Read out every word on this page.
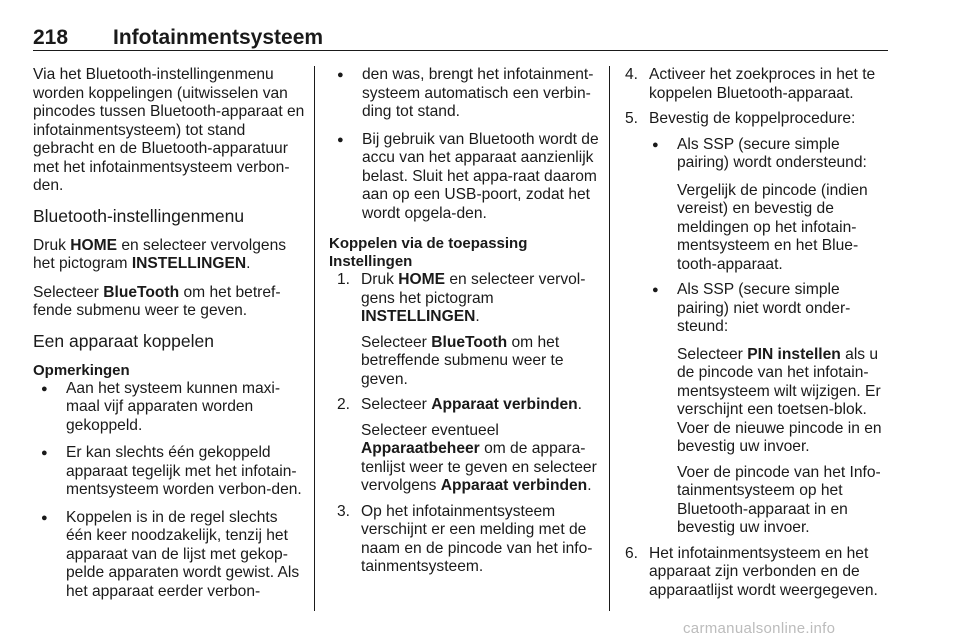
218 Infotainmentsysteem

Via het Bluetooth-instellingenmenu worden koppelingen (uitwisselen van pincodes tussen Bluetooth-apparaat en infotainmentsysteem) tot stand gebracht en de Bluetooth-apparatuur met het infotainmentsysteem verbon-den.

Bluetooth-instellingenmenu

Druk HOME en selecteer vervolgens het pictogram INSTELLINGEN.

Selecteer BlueTooth om het betref-fende submenu weer te geven.

Een apparaat koppelen
Opmerkingen
● Aan het systeem kunnen maxi-maal vijf apparaten worden gekoppeld.
● Er kan slechts één gekoppeld apparaat tegelijk met het infotain-mentsysteem worden verbon-den.
● Koppelen is in de regel slechts één keer noodzakelijk, tenzij het apparaat van de lijst met gekop-pelde apparaten wordt gewist. Als het apparaat eerder verbon-
● den was, brengt het infotainment-systeem automatisch een verbin-ding tot stand.
● Bij gebruik van Bluetooth wordt de accu van het apparaat aanzienlijk belast. Sluit het appa-raat daarom aan op een USB-poort, zodat het wordt opgela-den.
Koppelen via de toepassing
Instellingen
1. Druk HOME en selecteer vervol-gens het pictogram INSTELLINGEN.
Selecteer BlueTooth om het betreffende submenu weer te geven.
2. Selecteer Apparaat verbinden.
Selecteer eventueel Apparaatbeheer om de appara-tenlijst weer te geven en selecteer vervolgens Apparaat verbinden.
3. Op het infotainmentsysteem verschijnt er een melding met de naam en de pincode van het info-tainmentsysteem.
4. Activeer het zoekproces in het te koppelen Bluetooth-apparaat.
5. Bevestig de koppelprocedure:
● Als SSP (secure simple pairing) wordt ondersteund:
Vergelijk de pincode (indien vereist) en bevestig de meldingen op het infotain-mentsysteem en het Blue-tooth-apparaat.
● Als SSP (secure simple pairing) niet wordt onder-steund:
Selecteer PIN instellen als u de pincode van het infotain-mentsysteem wilt wijzigen. Er verschijnt een toetsen-blok. Voer de nieuwe pincode in en bevestig uw invoer.
Voer de pincode van het Info-tainmentsysteem op het Bluetooth-apparaat in en bevestig uw invoer.
6. Het infotainmentsysteem en het apparaat zijn verbonden en de apparaatlijst wordt weergegeven.
carmanualsonline.info
